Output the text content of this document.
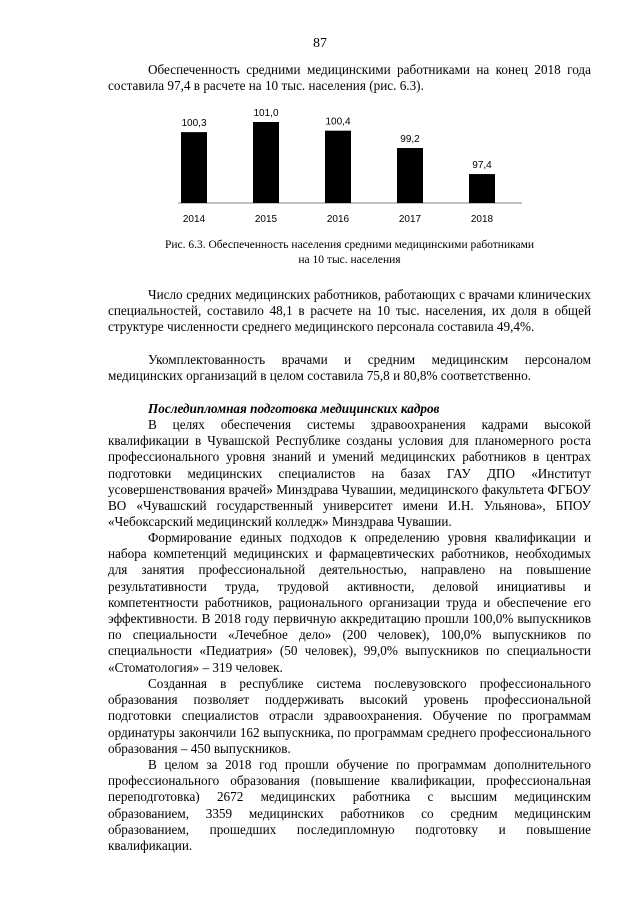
87

Обеспеченность средними медицинскими работниками на конец 2018 года составила 97,4 в расчете на 10 тыс. населения (рис. 6.3).

100,3
2014
101,0
2015
100,4
2016
99,2
2017
97,4
2018

Рис. 6.3. Обеспеченность населения средними медицинскими работниками
на 10 тыс. населения

Число средних медицинских работников, работающих с врачами клинических специальностей, составило 48,1 в расчете на 10 тыс. населения, их доля в общей структуре численности среднего медицинского персонала составила 49,4%.

Укомплектованность врачами и средним медицинским персоналом медицинских организаций в целом составила 75,8 и 80,8% соответственно.

Последипломная подготовка медицинских кадров

В целях обеспечения системы здравоохранения кадрами высокой квалификации в Чувашской Республике созданы условия для планомерного роста профессионального уровня знаний и умений медицинских работников в центрах подготовки медицинских специалистов на базах ГАУ ДПО «Институт усовершенствования врачей» Минздрава Чувашии, медицинского факультета ФГБОУ ВО «Чувашский государственный университет имени И.Н. Ульянова», БПОУ «Чебоксарский медицинский колледж» Минздрава Чувашии.

Формирование единых подходов к определению уровня квалификации и набора компетенций медицинских и фармацевтических работников, необходимых для занятия профессиональной деятельностью, направлено на повышение результативности труда, трудовой активности, деловой инициативы и компетентности работников, рационального организации труда и обеспечение его эффективности. В 2018 году первичную аккредитацию прошли 100,0% выпускников по специальности «Лечебное дело» (200 человек), 100,0% выпускников по специальности «Педиатрия» (50 человек), 99,0% выпускников по специальности «Стоматология» – 319 человек.

Созданная в республике система послевузовского профессионального образования позволяет поддерживать высокий уровень профессиональной подготовки специалистов отрасли здравоохранения. Обучение по программам ординатуры закончили 162 выпускника, по программам среднего профессионального образования – 450 выпускников.

В целом за 2018 год прошли обучение по программам дополнительного профессионального образования (повышение квалификации, профессиональная переподготовка) 2672 медицинских работника с высшим медицинским образованием, 3359 медицинских работников со средним медицинским образованием, прошедших последипломную подготовку и повышение квалификации.
